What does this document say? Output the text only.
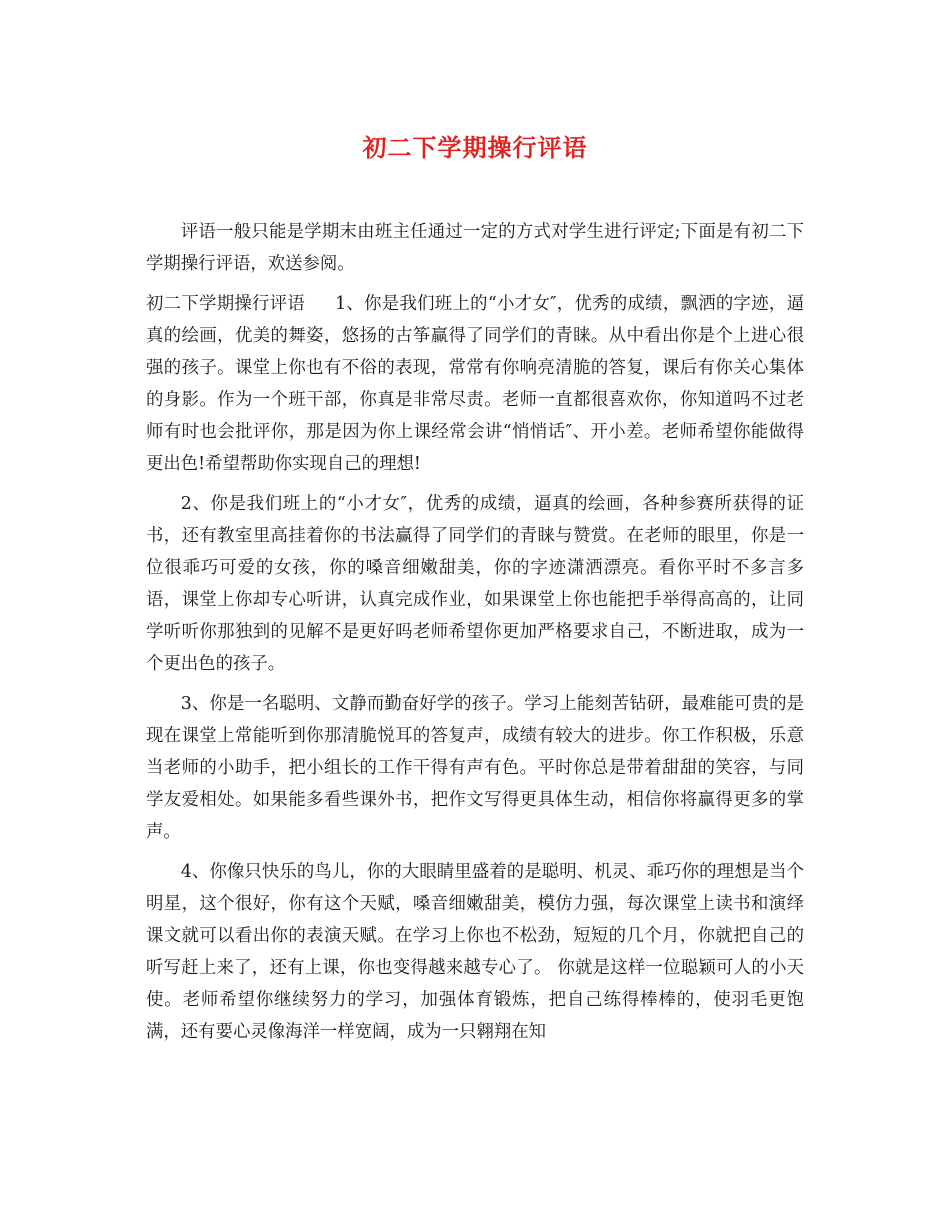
初二下学期操行评语

评语一般只能是学期末由班主任通过一定的方式对学生进行评定;下面是有初二下学期操行评语，欢送参阅。

初二下学期操行评语 1、你是我们班上的“小才女″，优秀的成绩，飘洒的字迹，逼真的绘画，优美的舞姿，悠扬的古筝赢得了同学们的青睐。从中看出你是个上进心很强的孩子。课堂上你也有不俗的表现，常常有你响亮清脆的答复，课后有你关心集体的身影。作为一个班干部，你真是非常尽责。老师一直都很喜欢你，你知道吗不过老师有时也会批评你，那是因为你上课经常会讲“悄悄话″、开小差。老师希望你能做得更出色!希望帮助你实现自己的理想!

2、你是我们班上的“小才女″，优秀的成绩，逼真的绘画，各种参赛所获得的证书，还有教室里高挂着你的书法赢得了同学们的青睐与赞赏。在老师的眼里，你是一位很乖巧可爱的女孩，你的嗓音细嫩甜美，你的字迹潇洒漂亮。看你平时不多言多语，课堂上你却专心听讲，认真完成作业，如果课堂上你也能把手举得高高的，让同学听听你那独到的见解不是更好吗老师希望你更加严格要求自己，不断进取，成为一个更出色的孩子。

3、你是一名聪明、文静而勤奋好学的孩子。学习上能刻苦钻研，最难能可贵的是现在课堂上常能听到你那清脆悦耳的答复声，成绩有较大的进步。你工作积极，乐意当老师的小助手，把小组长的工作干得有声有色。平时你总是带着甜甜的笑容，与同学友爱相处。如果能多看些课外书，把作文写得更具体生动，相信你将赢得更多的掌声。

4、你像只快乐的鸟儿，你的大眼睛里盛着的是聪明、机灵、乖巧你的理想是当个明星，这个很好，你有这个天赋，嗓音细嫩甜美，模仿力强，每次课堂上读书和演绎课文就可以看出你的表演天赋。在学习上你也不松劲，短短的几个月，你就把自己的听写赶上来了，还有上课，你也变得越来越专心了。 你就是这样一位聪颖可人的小天使。老师希望你继续努力的学习，加强体育锻炼，把自己练得棒棒的，使羽毛更饱满，还有要心灵像海洋一样宽阔，成为一只翱翔在知
